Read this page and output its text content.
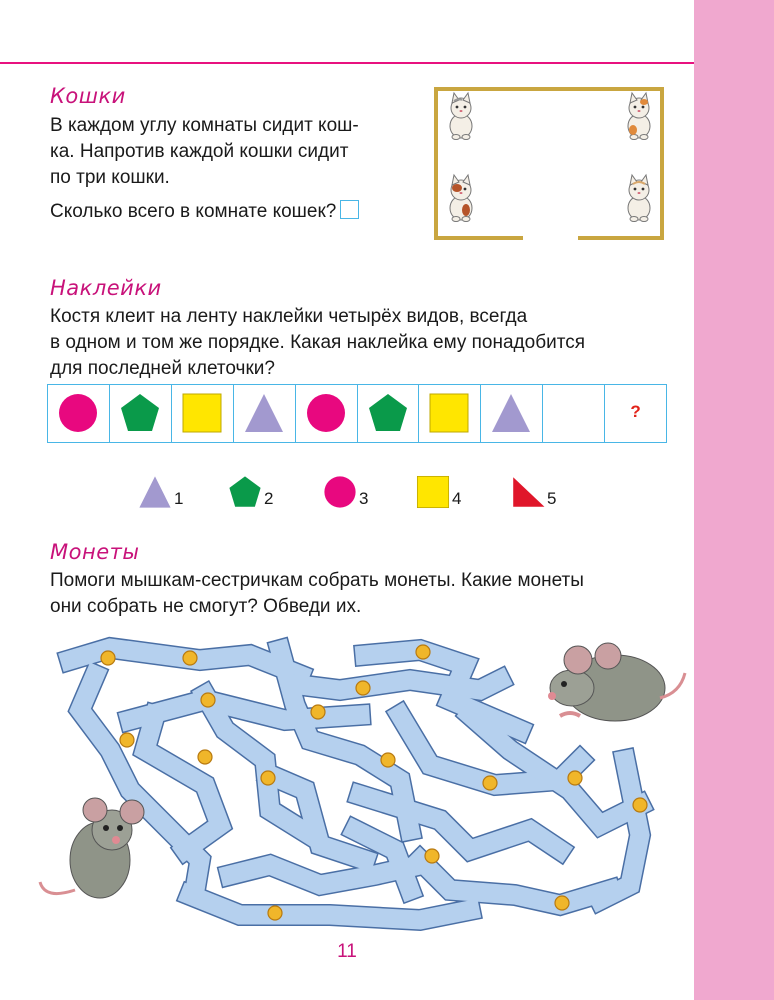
Кошки
В каждом углу комнаты сидит кош-
ка. Напротив каждой кошки сидит
по три кошки.
Сколько всего в комнате кошек?
Наклейки
Костя клеит на ленту наклейки четырёх видов, всегда
в одном и том же порядке. Какая наклейка ему понадобится
для последней клеточки?
?
1	2	3	4	5
Монеты
Помоги мышкам-сестричкам собрать монеты. Какие монеты
они собрать не смогут? Обведи их.
11
